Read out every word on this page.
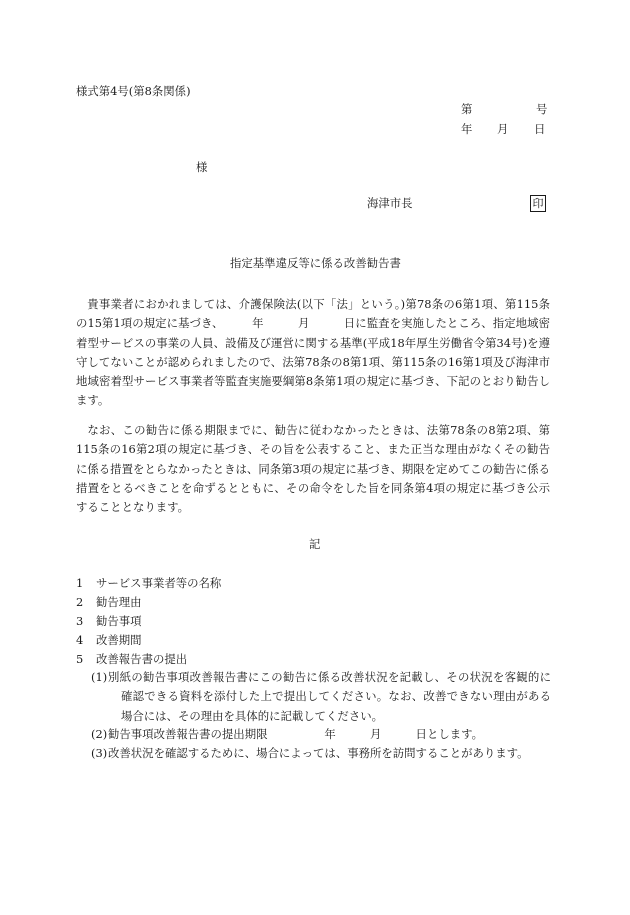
様式第4号(第8条関係)
第	号
年 月 日
様
海津市長	印
指定基準違反等に係る改善勧告書
貴事業者におかれましては、介護保険法(以下「法」という。)第78条の6第1項、第115条の15第1項の規定に基づき、　　　年　　　月　　　日に監査を実施したところ、指定地域密着型サービスの事業の人員、設備及び運営に関する基準(平成18年厚生労働省令第34号)を遵守してないことが認められましたので、法第78条の8第1項、第115条の16第1項及び海津市地域密着型サービス事業者等監査実施要綱第8条第1項の規定に基づき、下記のとおり勧告します。
なお、この勧告に係る期限までに、勧告に従わなかったときは、法第78条の8第2項、第115条の16第2項の規定に基づき、その旨を公表すること、また正当な理由がなくその勧告に係る措置をとらなかったときは、同条第3項の規定に基づき、期限を定めてこの勧告に係る措置をとるべきことを命ずるとともに、その命令をした旨を同条第4項の規定に基づき公示することとなります。
記
1 サービス事業者等の名称
2 勧告理由
3 勧告事項
4 改善期間
5 改善報告書の提出
(1) 別紙の勧告事項改善報告書にこの勧告に係る改善状況を記載し、その状況を客観的に確認できる資料を添付した上で提出してください。なお、改善できない理由がある場合には、その理由を具体的に記載してください。
(2) 勧告事項改善報告書の提出期限　　　　　年　　　月　　　日とします。
(3) 改善状況を確認するために、場合によっては、事務所を訪問することがあります。
